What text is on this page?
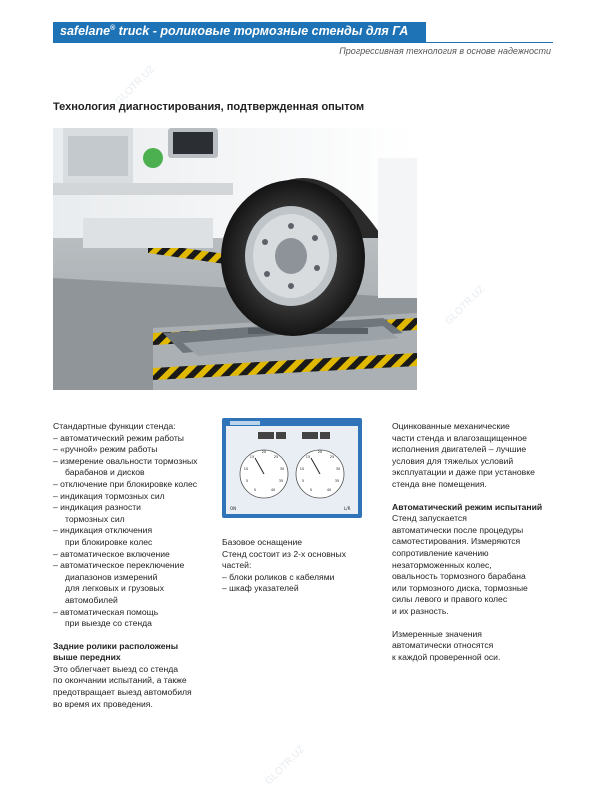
safelane® truck - роликовые тормозные стенды для ГА
Прогрессивная технология в основе надежности
Технология диагностирования, подтвержденная опытом

Стандартные функции стенда:

– автоматический режим работы

– «ручной» режим работы

– измерение овальности тормозных

барабанов и дисков

– отключение при блокировке колес

– индикация тормозных сил

– индикация разности

тормозных сил

– индикация отключения

при блокировке колес

– автоматическое включение

– автоматическое переключение

диапазонов измерений

для легковых и грузовых

автомобилей

– автоматическая помощь

при выезде со стенда

Задние ролики расположены

выше передних

Это облегчает выезд со стенда

по окончании испытаний, а также

предотвращает выезд автомобиля

во время их проведения.

20
15
10
5
0
25
30
35
40
20
15
10
5
0
25
30
35
40
ON	L/R

Базовое оснащение

Стенд состоит из 2-х основных

частей:

– блоки роликов с кабелями

– шкаф указателей

Оцинкованные механические

части стенда и влагозащищенное

исполнения двигателей – лучшие

условия для тяжелых условий

эксплуатации и даже при установке

стенда вне помещения.

Автоматический режим испытаний

Стенд запускается

автоматически после процедуры

самотестирования. Измеряются

сопротивление качению

незаторможенных колес,

овальность тормозного барабана

или тормозного диска, тормозные

силы левого и правого колес

и их разность.

Измеренные значения

автоматически относятся

к каждой проверенной оси.

GLOTR.UZ
GLOTR.UZ
GLOTR.UZ
